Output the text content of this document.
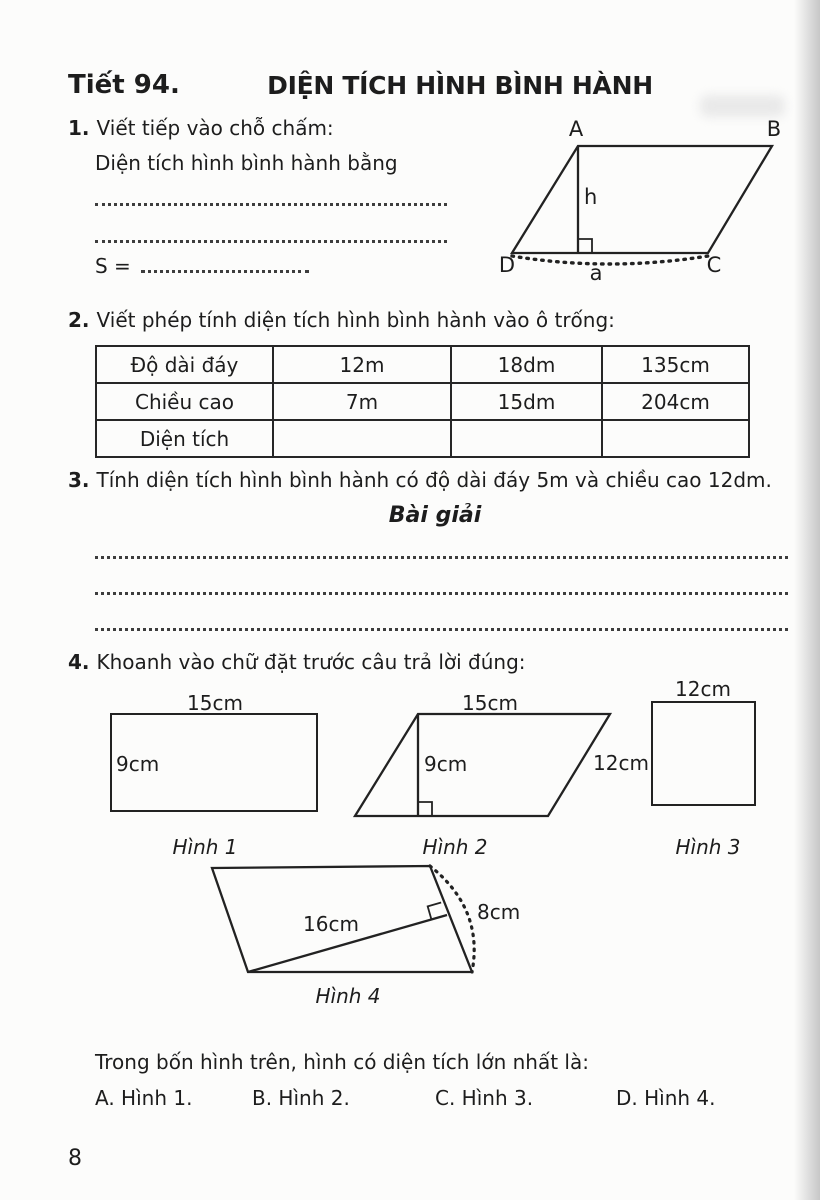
Tiết 94.	DIỆN TÍCH HÌNH BÌNH HÀNH
1. Viết tiếp vào chỗ chấm:
Diện tích hình bình hành bằng
S =
A	B
C
D
h
a
2. Viết phép tính diện tích hình bình hành vào ô trống:
Độ dài đáy	12m	18dm	135cm
Chiều cao	7m	15dm	204cm
Diện tích			
3. Tính diện tích hình bình hành có độ dài đáy 5m và chiều cao 12dm.
Bài giải
4. Khoanh vào chữ đặt trước câu trả lời đúng:
15cm
9cm
Hình 1
15cm
9cm
Hình 2
12cm
12cm
Hình 3
16cm	8cm
Hình 4
Trong bốn hình trên, hình có diện tích lớn nhất là:
A. Hình 1.	B. Hình 2.	C. Hình 3.	D. Hình 4.
8
